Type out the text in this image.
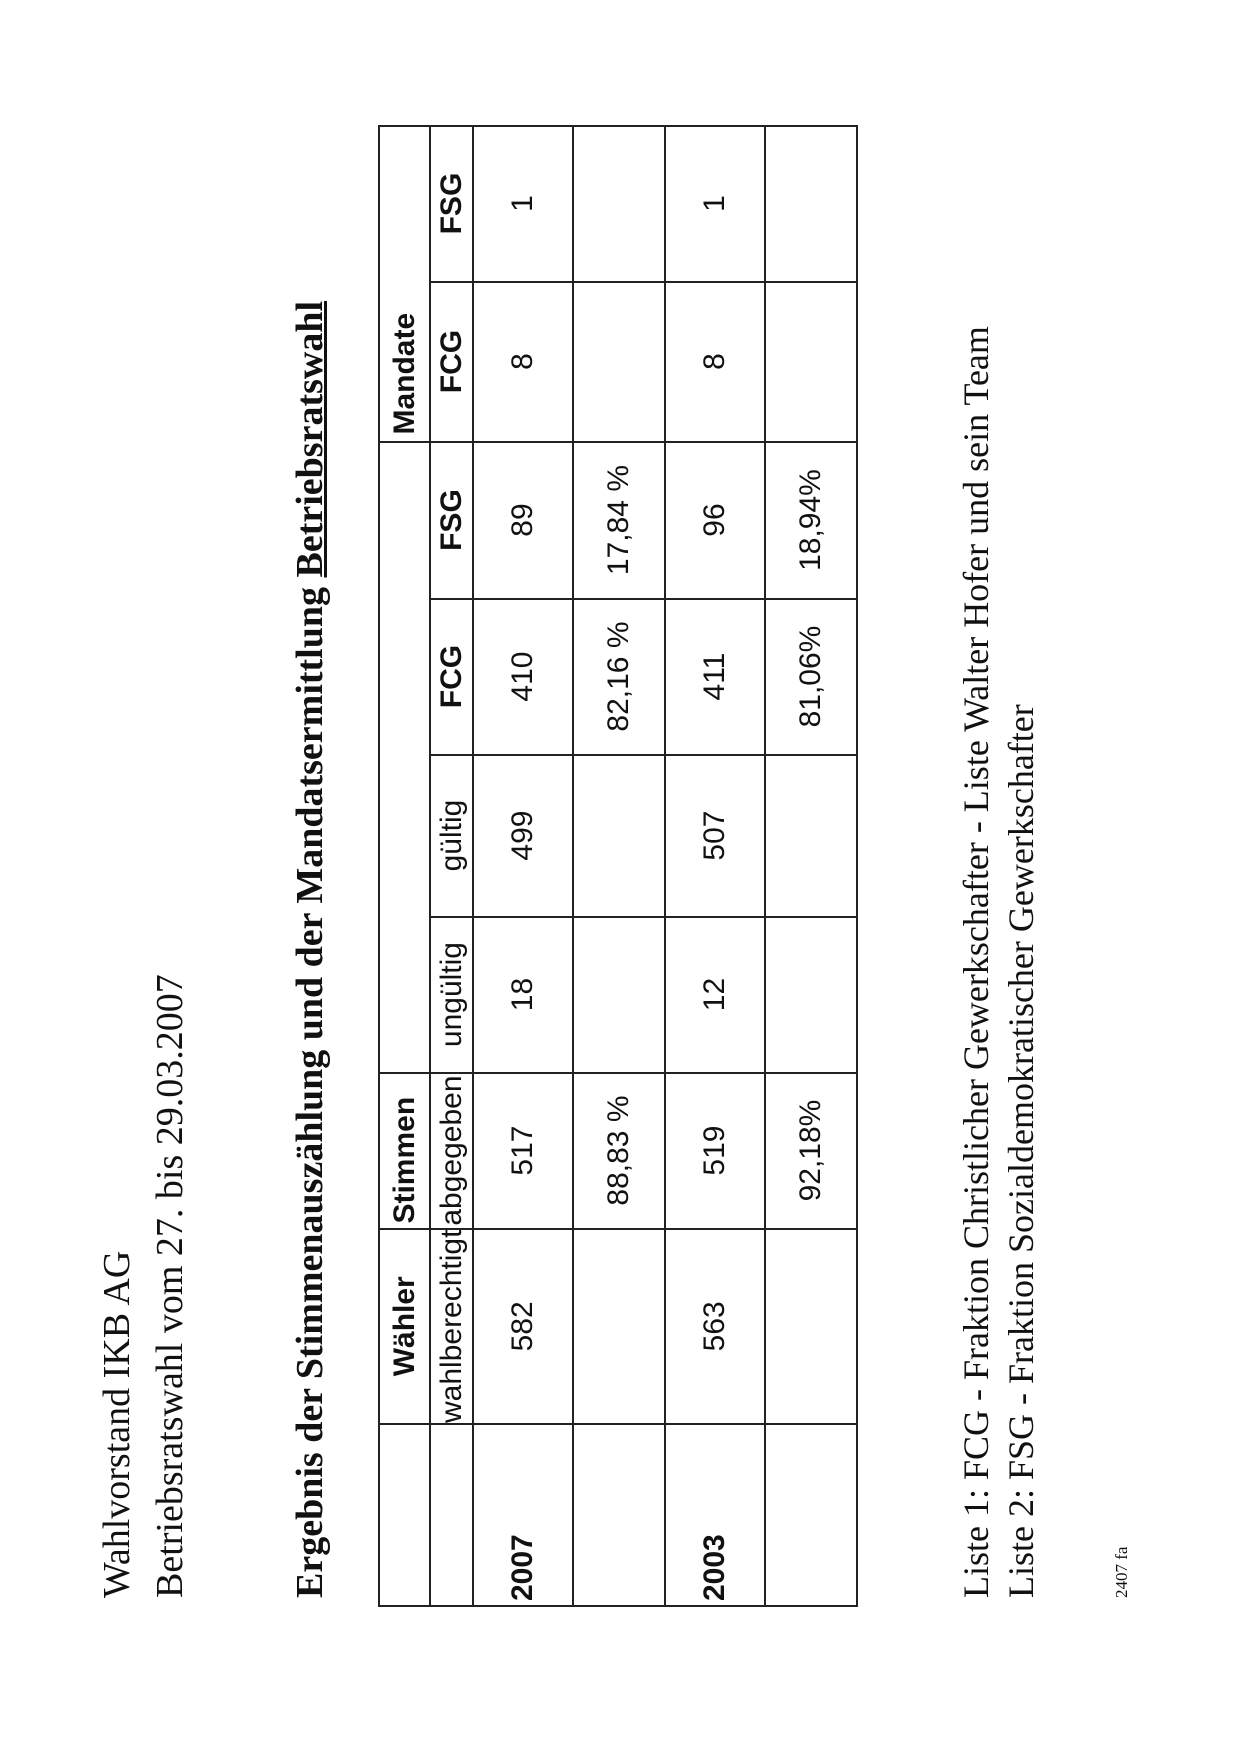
Wahlvorstand IKB AG Betriebsratswahl vom 27. bis 29.03.2007	Ergebnis der Stimmenauszählung und der Mandatsermittlung Betriebsratswahl
	Wähler	Stimmen					Mandate	
	wahlberechtigt	abgegeben	ungültig	gültig	FCG	FSG	FCG	FSG
2007	582	517	18	499	410	89	8	1
		88,83 %			82,16 %	17,84 %		
2003	563	519	12	507	411	96	8	1
		92,18%			81,06%	18,94%			Liste 1: FCG - Fraktion Christlicher Gewerkschafter - Liste Walter Hofer und sein Team Liste 2: FSG - Fraktion Sozialdemokratischer Gewerkschafter	2407 fa
